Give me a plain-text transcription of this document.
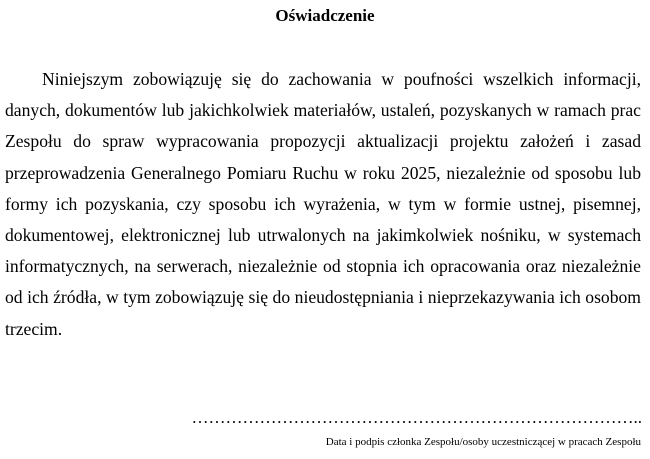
Oświadczenie

Niniejszym zobowiązuję się do zachowania w poufności wszelkich informacji, danych, dokumentów lub jakichkolwiek materiałów, ustaleń, pozyskanych w ramach prac Zespołu do spraw wypracowania propozycji aktualizacji projektu założeń i zasad przeprowadzenia Generalnego Pomiaru Ruchu w roku 2025, niezależnie od sposobu lub formy ich pozyskania, czy sposobu ich wyrażenia, w tym w formie ustnej, pisemnej, dokumentowej, elektronicznej lub utrwalonych na jakimkolwiek nośniku, w systemach informatycznych, na serwerach, niezależnie od stopnia ich opracowania oraz niezależnie od ich źródła, w tym zobowiązuję się do nieudostępniania i nieprzekazywania ich osobom trzecim.

……………………………………………………………………..
Data i podpis członka Zespołu/osoby uczestniczącej w pracach Zespołu
